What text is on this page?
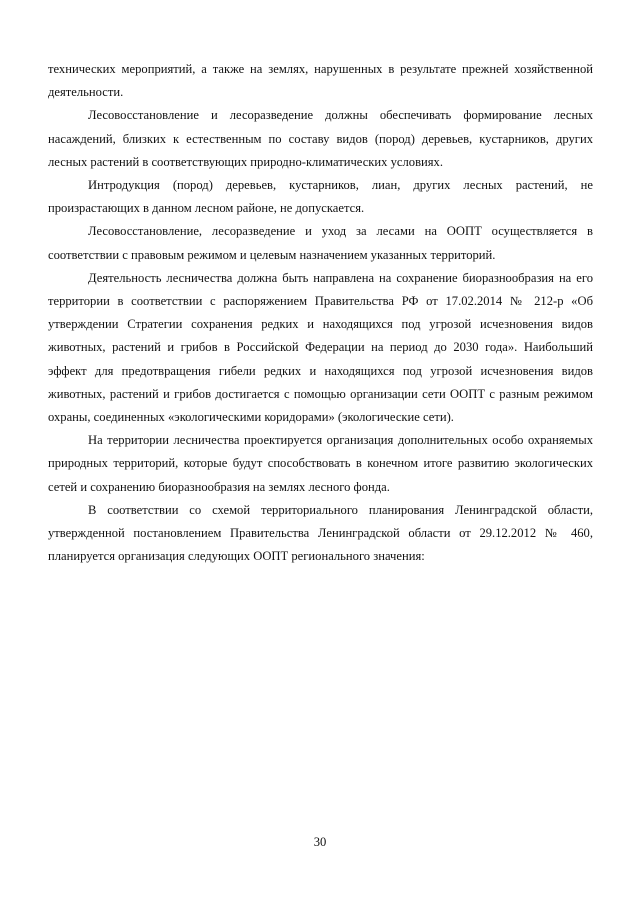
технических мероприятий, а также на землях, нарушенных в результате прежней хозяйственной деятельности.

Лесовосстановление и лесоразведение должны обеспечивать формирование лесных насаждений, близких к естественным по составу видов (пород) деревьев, кустарников, других лесных растений в соответствующих природно-климатических условиях.

Интродукция (пород) деревьев, кустарников, лиан, других лесных растений, не произрастающих в данном лесном районе, не допускается.

Лесовосстановление, лесоразведение и уход за лесами на ООПТ осуществляется в соответствии с правовым режимом и целевым назначением указанных территорий.

Деятельность лесничества должна быть направлена на сохранение биоразнообразия на его территории в соответствии с распоряжением Правительства РФ от 17.02.2014 № 212-р «Об утверждении Стратегии сохранения редких и находящихся под угрозой исчезновения видов животных, растений и грибов в Российской Федерации на период до 2030 года». Наибольший эффект для предотвращения гибели редких и находящихся под угрозой исчезновения видов животных, растений и грибов достигается с помощью организации сети ООПТ с разным режимом охраны, соединенных «экологическими коридорами» (экологические сети).

На территории лесничества проектируется организация дополнительных особо охраняемых природных территорий, которые будут способствовать в конечном итоге развитию экологических сетей и сохранению биоразнообразия на землях лесного фонда.

В соответствии со схемой территориального планирования Ленинградской области, утвержденной постановлением Правительства Ленинградской области от 29.12.2012 № 460, планируется организация следующих ООПТ регионального значения:

30
